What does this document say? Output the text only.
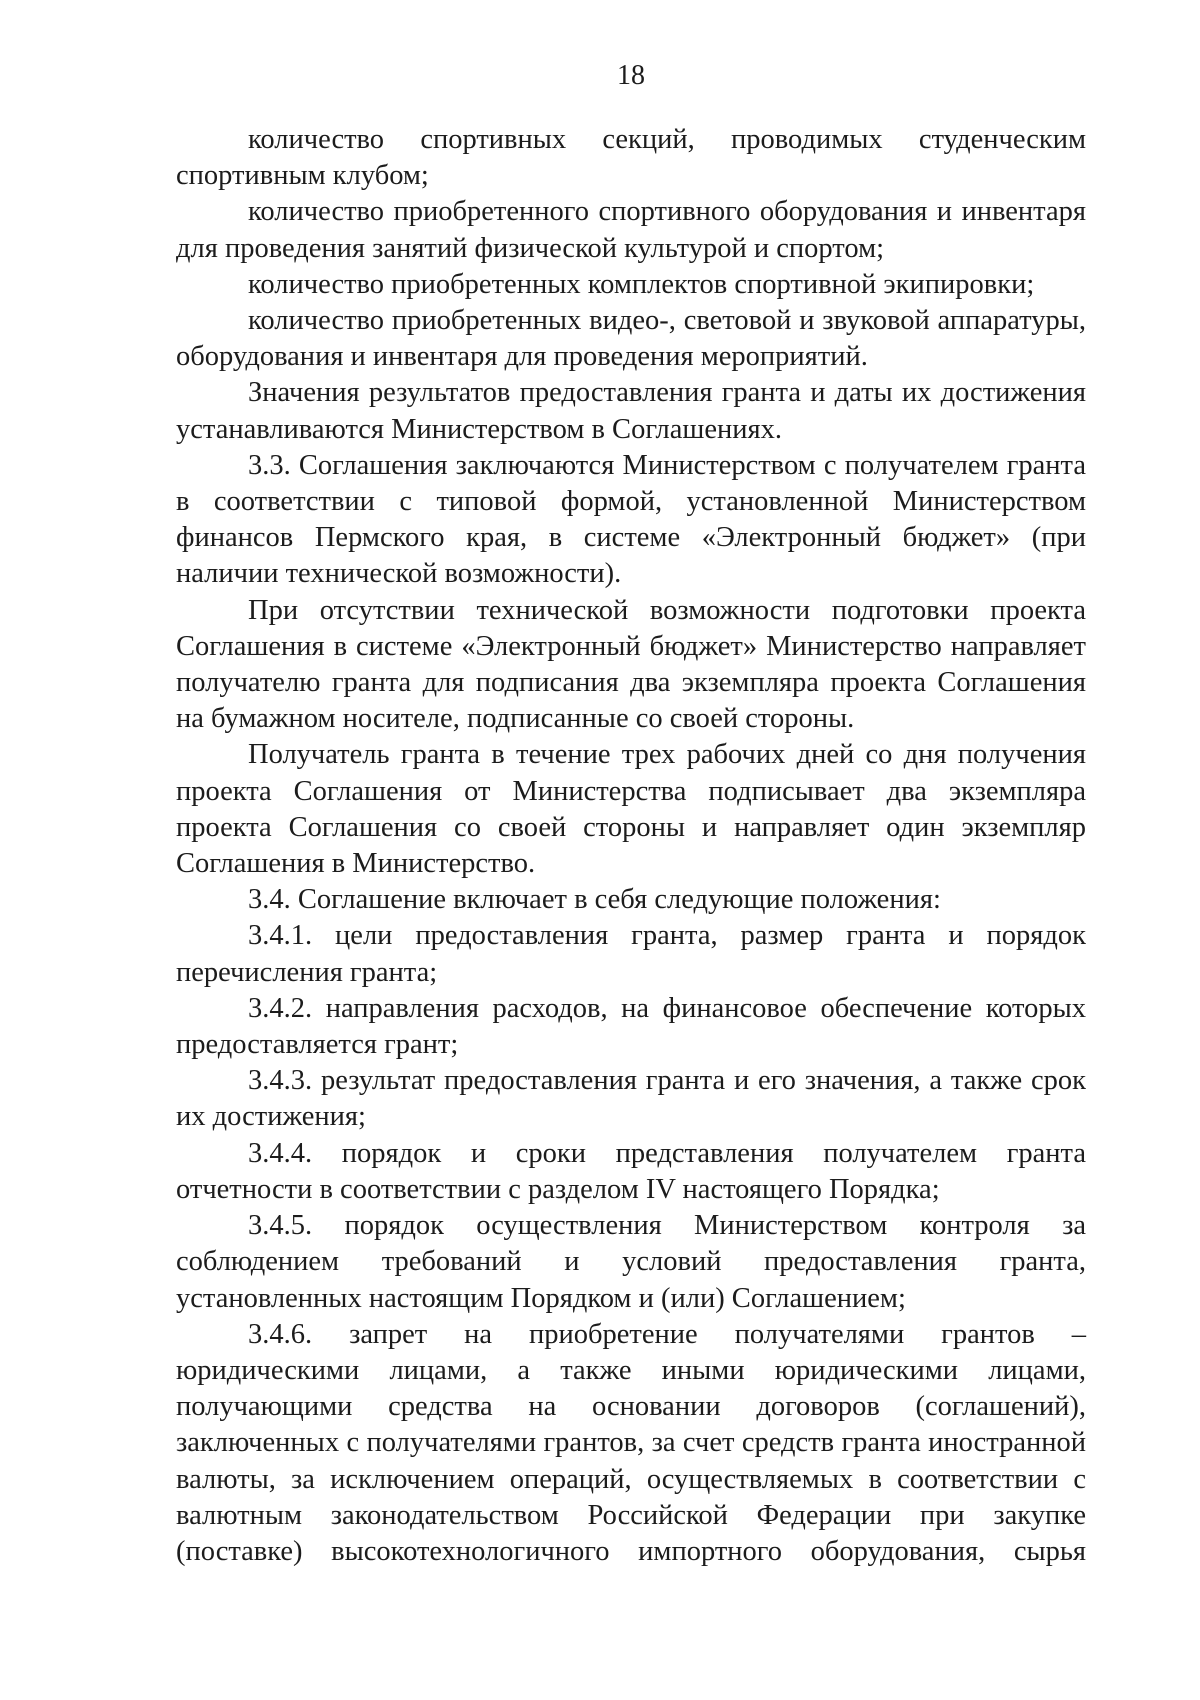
18

количество спортивных секций, проводимых студенческим спортивным клубом;

количество приобретенного спортивного оборудования и инвентаря для проведения занятий физической культурой и спортом;

количество приобретенных комплектов спортивной экипировки;

количество приобретенных видео-, световой и звуковой аппаратуры, оборудования и инвентаря для проведения мероприятий.

Значения результатов предоставления гранта и даты их достижения устанавливаются Министерством в Соглашениях.

3.3. Соглашения заключаются Министерством с получателем гранта в соответствии с типовой формой, установленной Министерством финансов Пермского края, в системе «Электронный бюджет» (при наличии технической возможности).

При отсутствии технической возможности подготовки проекта Соглашения в системе «Электронный бюджет» Министерство направляет получателю гранта для подписания два экземпляра проекта Соглашения на бумажном носителе, подписанные со своей стороны.

Получатель гранта в течение трех рабочих дней со дня получения проекта Соглашения от Министерства подписывает два экземпляра проекта Соглашения со своей стороны и направляет один экземпляр Соглашения в Министерство.

3.4. Соглашение включает в себя следующие положения:

3.4.1. цели предоставления гранта, размер гранта и порядок перечисления гранта;

3.4.2. направления расходов, на финансовое обеспечение которых предоставляется грант;

3.4.3. результат предоставления гранта и его значения, а также срок их достижения;

3.4.4. порядок и сроки представления получателем гранта отчетности в соответствии с разделом IV настоящего Порядка;

3.4.5. порядок осуществления Министерством контроля за соблюдением требований и условий предоставления гранта, установленных настоящим Порядком и (или) Соглашением;

3.4.6. запрет на приобретение получателями грантов – юридическими лицами, а также иными юридическими лицами, получающими средства на основании договоров (соглашений), заключенных с получателями грантов, за счет средств гранта иностранной валюты, за исключением операций, осуществляемых в соответствии с валютным законодательством Российской Федерации при закупке (поставке) высокотехнологичного импортного оборудования, сырья
